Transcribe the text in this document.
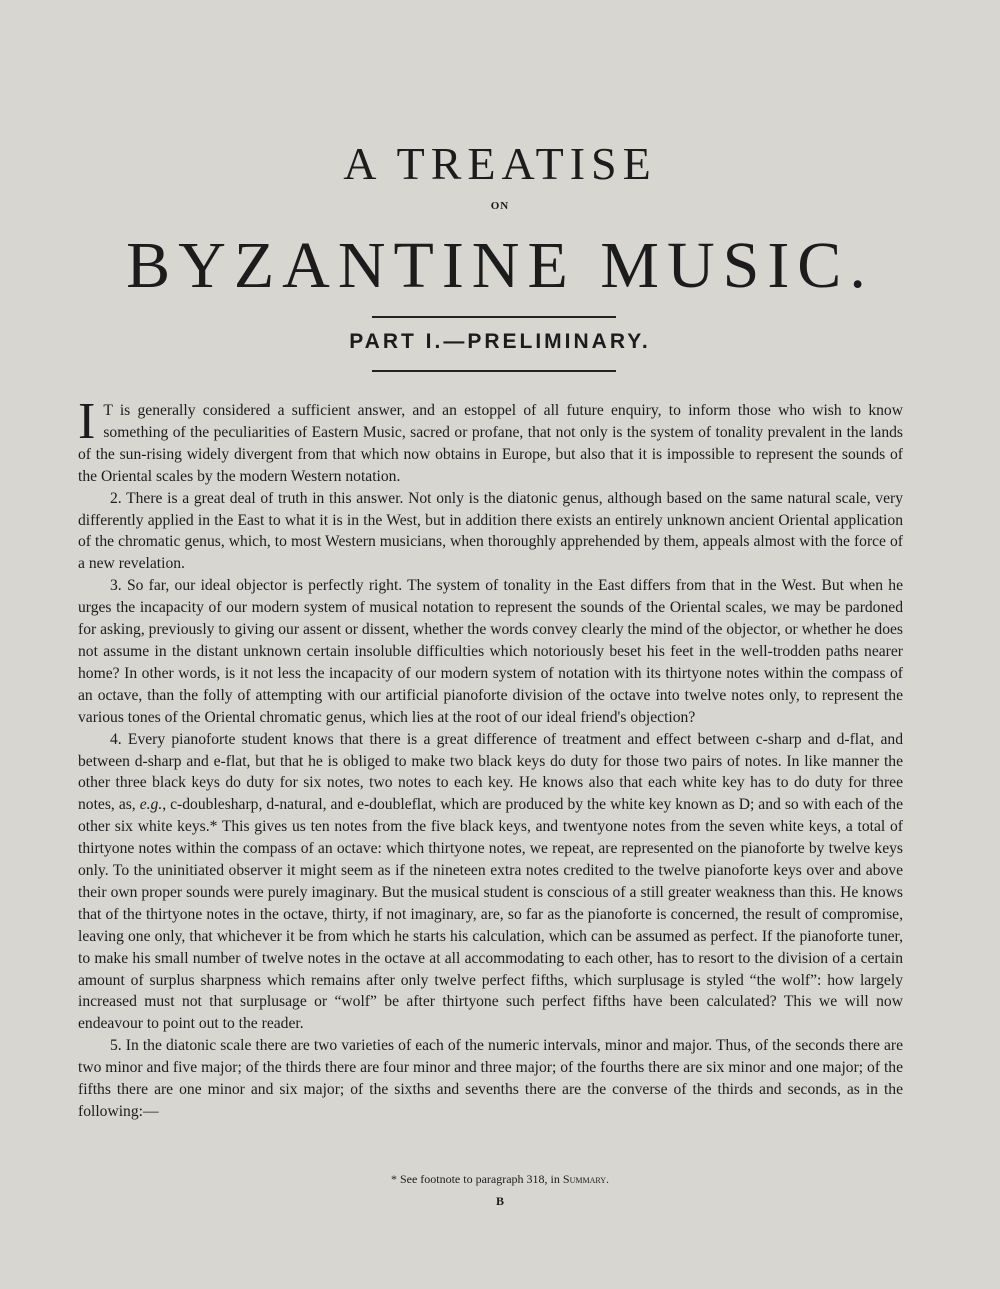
A TREATISE
ON
BYZANTINE MUSIC.
PART I.—PRELIMINARY.

I T is generally considered a sufficient answer, and an estoppel of all future enquiry, to inform those who wish to know something of the peculiarities of Eastern Music, sacred or profane, that not only is the system of tonality prevalent in the lands of the sun-rising widely divergent from that which now obtains in Europe, but also that it is impossible to represent the sounds of the Oriental scales by the modern Western notation.

2. There is a great deal of truth in this answer. Not only is the diatonic genus, although based on the same natural scale, very differently applied in the East to what it is in the West, but in addition there exists an entirely unknown ancient Oriental application of the chromatic genus, which, to most Western musicians, when thoroughly apprehended by them, appeals almost with the force of a new revelation.

3. So far, our ideal objector is perfectly right. The system of tonality in the East differs from that in the West. But when he urges the incapacity of our modern system of musical notation to represent the sounds of the Oriental scales, we may be pardoned for asking, previously to giving our assent or dissent, whether the words convey clearly the mind of the objector, or whether he does not assume in the distant unknown certain insoluble difficulties which notoriously beset his feet in the well-trodden paths nearer home? In other words, is it not less the incapacity of our modern system of notation with its thirtyone notes within the compass of an octave, than the folly of attempting with our artificial pianoforte division of the octave into twelve notes only, to represent the various tones of the Oriental chromatic genus, which lies at the root of our ideal friend's objection?

4. Every pianoforte student knows that there is a great difference of treatment and effect between c-sharp and d-flat, and between d-sharp and e-flat, but that he is obliged to make two black keys do duty for those two pairs of notes. In like manner the other three black keys do duty for six notes, two notes to each key. He knows also that each white key has to do duty for three notes, as, e.g., c-doublesharp, d-natural, and e-doubleflat, which are produced by the white key known as D; and so with each of the other six white keys.* This gives us ten notes from the five black keys, and twentyone notes from the seven white keys, a total of thirtyone notes within the compass of an octave: which thirtyone notes, we repeat, are represented on the pianoforte by twelve keys only. To the uninitiated observer it might seem as if the nineteen extra notes credited to the twelve pianoforte keys over and above their own proper sounds were purely imaginary. But the musical student is conscious of a still greater weakness than this. He knows that of the thirtyone notes in the octave, thirty, if not imaginary, are, so far as the pianoforte is concerned, the result of compromise, leaving one only, that whichever it be from which he starts his calculation, which can be assumed as perfect. If the pianoforte tuner, to make his small number of twelve notes in the octave at all accommodating to each other, has to resort to the division of a certain amount of surplus sharpness which remains after only twelve perfect fifths, which surplusage is styled “the wolf”: how largely increased must not that surplusage or “wolf” be after thirtyone such perfect fifths have been calculated? This we will now endeavour to point out to the reader.

5. In the diatonic scale there are two varieties of each of the numeric intervals, minor and major. Thus, of the seconds there are two minor and five major; of the thirds there are four minor and three major; of the fourths there are six minor and one major; of the fifths there are one minor and six major; of the sixths and sevenths there are the converse of the thirds and seconds, as in the following:—

* See footnote to paragraph 318, in Summary.
B
